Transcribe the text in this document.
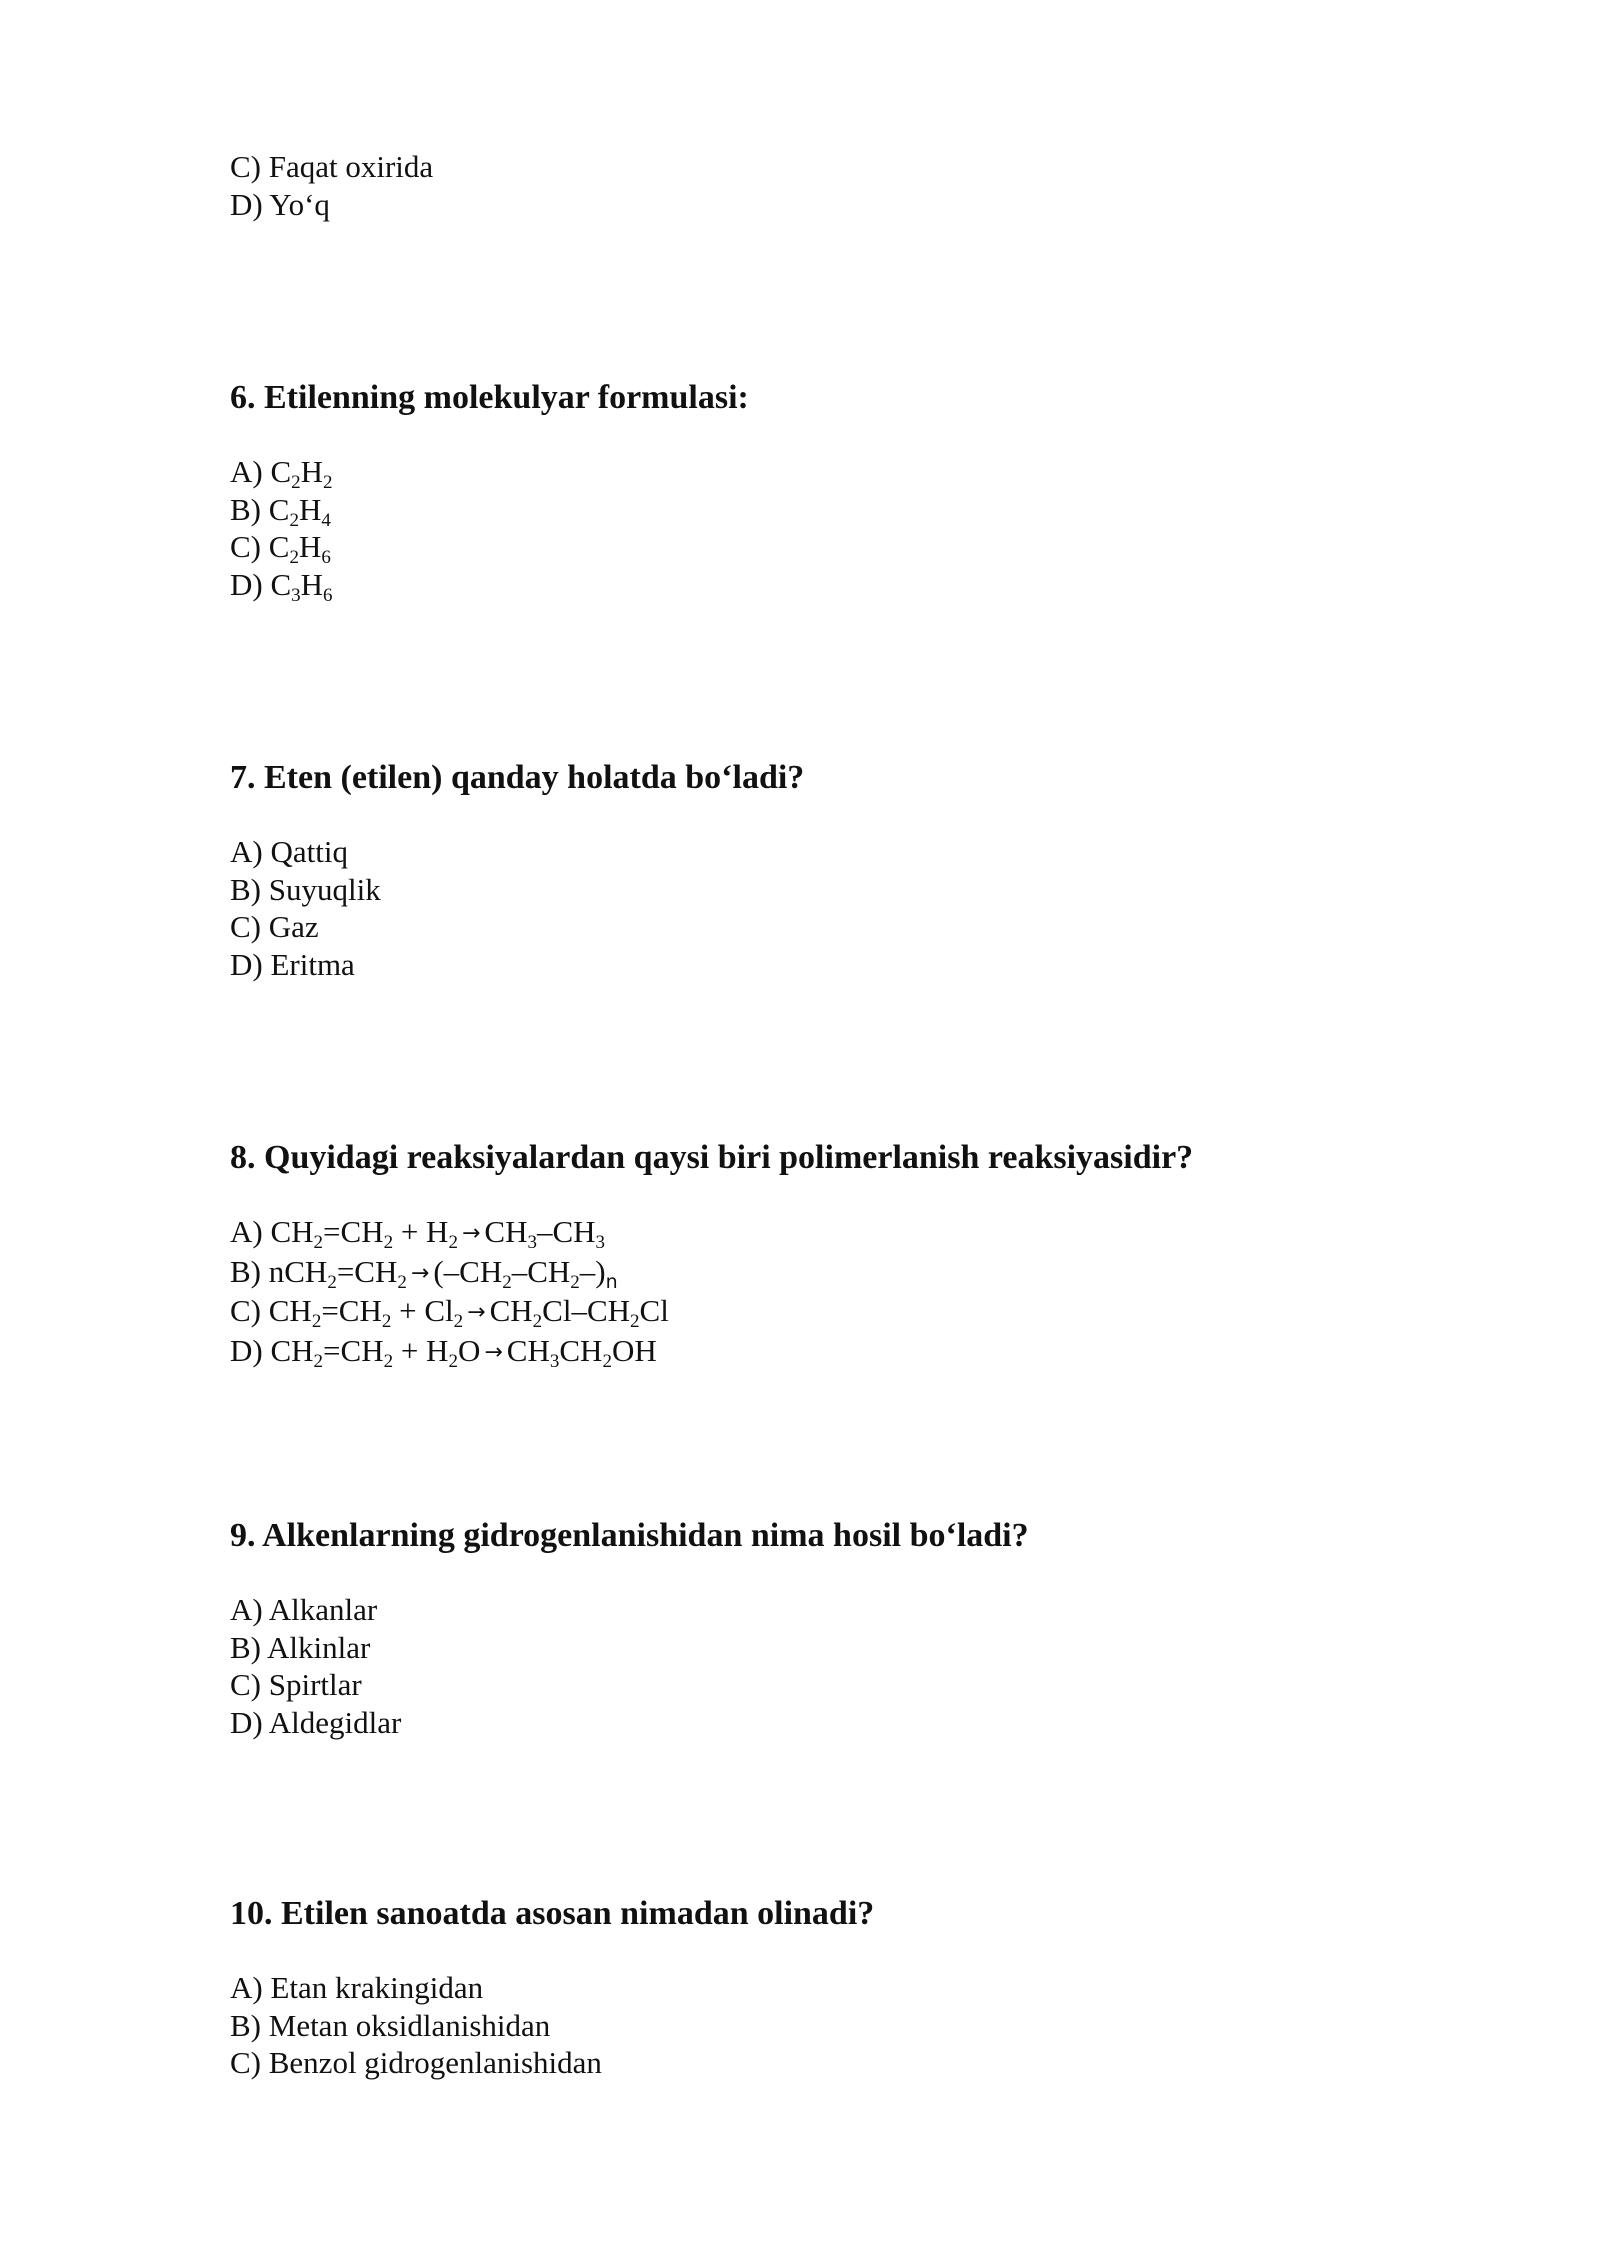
C) Faqat oxirida

D) Yo‘q

6. Etilenning molekulyar formulasi:

A) $C_2H_2$

B) $C_2H_4$

C) $C_2H_6$

D) $C_3H_6$

7. Eten (etilen) qanday holatda bo‘ladi?

A) Qattiq

B) Suyuqlik

C) Gaz

D) Eritma

8. Quyidagi reaksiyalardan qaysi biri polimerlanish reaksiyasidir?

A) $CH_2=CH_2 + H_2 \to CH_3-CH_3$

B) $nCH_2=CH_2 \to (-CH_2-CH_2-)_n$

C) $CH_2=CH_2 + Cl_2 \to CH_2Cl-CH_2Cl$

D) $CH_2=CH_2 + H_2O \to CH_3CH_2OH$

9. Alkenlarning gidrogenlanishidan nima hosil bo‘ladi?

A) Alkanlar

B) Alkinlar

C) Spirtlar

D) Aldegidlar

10. Etilen sanoatda asosan nimadan olinadi?

A) Etan krakingidan

B) Metan oksidlanishidan

C) Benzol gidrogenlanishidan
